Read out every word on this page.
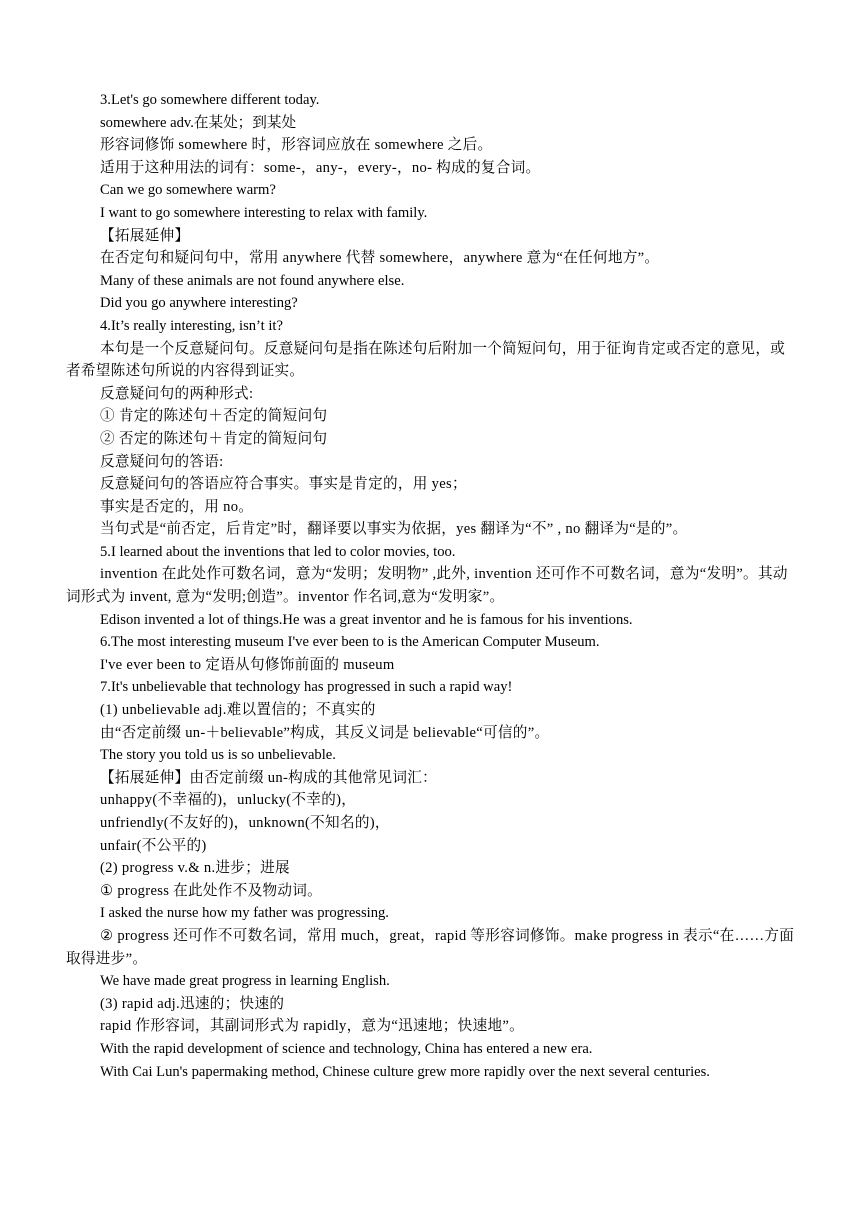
3.Let's go somewhere different today.

somewhere adv.在某处；到某处

形容词修饰 somewhere 时，形容词应放在 somewhere 之后。

适用于这种用法的词有：some-，any-，every-，no- 构成的复合词。

Can we go somewhere warm?

I want to go somewhere interesting to relax with family.

【拓展延伸】

在否定句和疑问句中，常用 anywhere 代替 somewhere，anywhere 意为“在任何地方”。

Many of these animals are not found anywhere else.

Did you go anywhere interesting?

4.It’s really interesting, isn’t it?

本句是一个反意疑问句。反意疑问句是指在陈述句后附加一个简短问句，用于征询肯定或否定的意见，或者希望陈述句所说的内容得到证实。

反意疑问句的两种形式:

① 肯定的陈述句＋否定的简短问句

② 否定的陈述句＋肯定的简短问句

反意疑问句的答语:

反意疑问句的答语应符合事实。事实是肯定的，用 yes；

事实是否定的，用 no。

当句式是“前否定，后肯定”时，翻译要以事实为依据，yes 翻译为“不” , no 翻译为“是的”。

5.I learned about the inventions that led to color movies, too.

invention 在此处作可数名词，意为“发明；发明物” ,此外, invention 还可作不可数名词，意为“发明”。其动词形式为 invent, 意为“发明;创造”。inventor 作名词,意为“发明家”。

Edison invented a lot of things.He was a great inventor and he is famous for his inventions.

6.The most interesting museum I've ever been to is the American Computer Museum.

I've ever been to 定语从句修饰前面的 museum

7.It's unbelievable that technology has progressed in such a rapid way!

(1) unbelievable adj.难以置信的；不真实的

由“否定前缀 un-＋believable”构成，其反义词是 believable“可信的”。

The story you told us is so unbelievable.

【拓展延伸】由否定前缀 un-构成的其他常见词汇：

unhappy(不幸福的)，unlucky(不幸的)，

unfriendly(不友好的)，unknown(不知名的)，

unfair(不公平的)

(2) progress v.& n.进步；进展

① progress 在此处作不及物动词。

I asked the nurse how my father was progressing.

② progress 还可作不可数名词，常用 much，great，rapid 等形容词修饰。make progress in 表示“在……方面取得进步”。

We have made great progress in learning English.

(3) rapid adj.迅速的；快速的

rapid 作形容词，其副词形式为 rapidly，意为“迅速地；快速地”。

With the rapid development of science and technology, China has entered a new era.

With Cai Lun's papermaking method, Chinese culture grew more rapidly over the next several centuries.
